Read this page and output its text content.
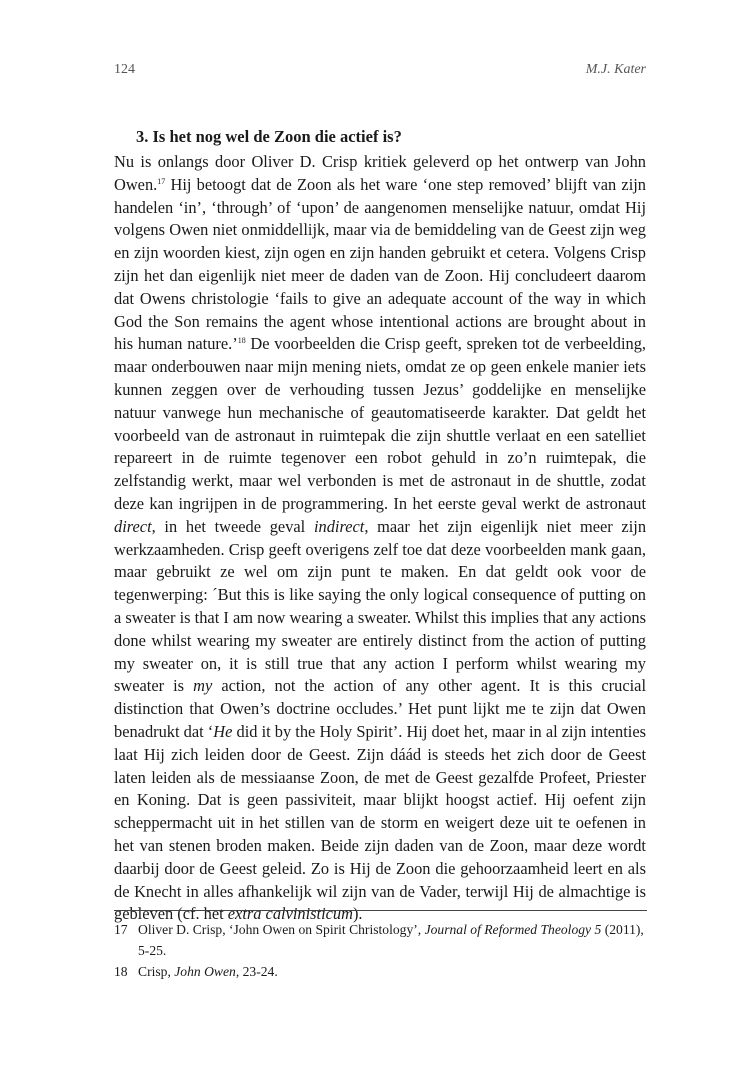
124	M.J. Kater
3. Is het nog wel de Zoon die actief is?

Nu is onlangs door Oliver D. Crisp kritiek geleverd op het ontwerp van John Owen.$^{17}$ Hij betoogt dat de Zoon als het ware ‘one step removed’ blijft van zijn handelen ‘in’, ‘through’ of ‘upon’ de aangenomen menselijke natuur, omdat Hij volgens Owen niet onmiddellijk, maar via de bemiddeling van de Geest zijn weg en zijn woorden kiest, zijn ogen en zijn handen gebruikt et cetera. Volgens Crisp zijn het dan eigenlijk niet meer de daden van de Zoon. Hij concludeert daarom dat Owens christologie ‘fails to give an adequate account of the way in which God the Son remains the agent whose intentional actions are brought about in his human nature.’$^{18}$ De voorbeelden die Crisp geeft, spreken tot de verbeelding, maar onderbouwen naar mijn mening niets, omdat ze op geen enkele manier iets kunnen zeggen over de verhouding tussen Jezus’ goddelijke en menselijke natuur vanwege hun mechanische of geautomatiseerde karakter. Dat geldt het voorbeeld van de astronaut in ruimtepak die zijn shuttle verlaat en een satelliet repareert in de ruimte tegenover een robot gehuld in zo’n ruimtepak, die zelfstandig werkt, maar wel verbonden is met de astronaut in de shuttle, zodat deze kan ingrijpen in de programmering. In het eerste geval werkt de astronaut direct, in het tweede geval indirect, maar het zijn eigenlijk niet meer zijn werkzaamheden. Crisp geeft overigens zelf toe dat deze voorbeelden mank gaan, maar gebruikt ze wel om zijn punt te maken. En dat geldt ook voor de tegenwerping: ´But this is like saying the only logical consequence of putting on a sweater is that I am now wearing a sweater. Whilst this implies that any actions done whilst wearing my sweater are entirely distinct from the action of putting my sweater on, it is still true that any action I perform whilst wearing my sweater is my action, not the action of any other agent. It is this crucial distinction that Owen’s doctrine occludes.’ Het punt lijkt me te zijn dat Owen benadrukt dat ‘He did it by the Holy Spirit’. Hij doet het, maar in al zijn intenties laat Hij zich leiden door de Geest. Zijn dáád is steeds het zich door de Geest laten leiden als de messiaanse Zoon, de met de Geest gezalfde Profeet, Priester en Koning. Dat is geen passiviteit, maar blijkt hoogst actief. Hij oefent zijn scheppermacht uit in het stillen van de storm en weigert deze uit te oefenen in het van stenen broden maken. Beide zijn daden van de Zoon, maar deze wordt daarbij door de Geest geleid. Zo is Hij de Zoon die gehoorzaamheid leert en als de Knecht in alles afhankelijk wil zijn van de Vader, terwijl Hij de almachtige is gebleven (cf. het extra calvinisticum).

17 Oliver D. Crisp, ‘John Owen on Spirit Christology’, Journal of Reformed Theology 5 (2011), 5-25.
18 Crisp, John Owen, 23-24.
